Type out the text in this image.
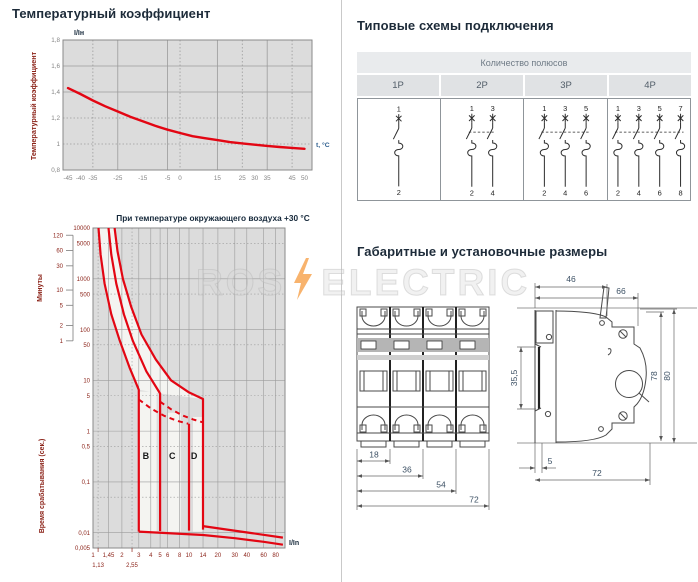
Температурный коэффициент
1,8
1,6
1,4
1,2
1
0,8
-45 -40 -35	-25	-15	-5 0	15	25 30 35	45 50
I/Iн
t, °C
Температурный коэффициент
При температуре окружающего воздуха +30 °С
B C D
10000
5000
1000
500
100
50
10
5
1
0,5
0,1
0,01
0,005
1 1,45 2 3 4 5 6 8 10 14 20 30 40 60 80
1,13	2,55
120
60
30
10
5
2
1
Минуты
Время срабатывания (сек.)
I/In
Типовые схемы подключения
Количество полюсов
1P	2P	3P	4P
1
2
1
2
3
4
1
2
3
4
5
6
1
2
3
4
5
6
7
8
Габаритные и установочные размеры
18
36
54
72
46
66
35,5	78 80
5
72
ROS ELECTRIC
